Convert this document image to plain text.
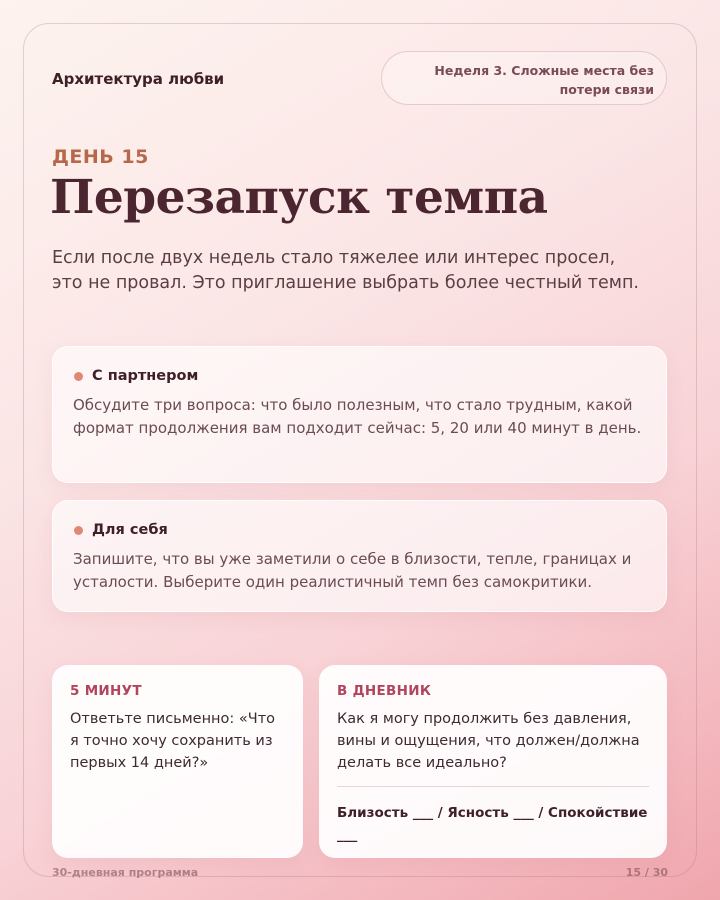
Архитектура любви	Неделя 3. Сложные места без потери связи
ДЕНЬ 15
Перезапуск темпа

Если после двух недель стало тяжелее или интерес просел, это не провал. Это приглашение выбрать более честный темп.

С партнером

Обсудите три вопроса: что было полезным, что стало трудным, какой формат продолжения вам подходит сейчас: 5, 20 или 40 минут в день.

Для себя

Запишите, что вы уже заметили о себе в близости, тепле, границах и усталости. Выберите один реалистичный темп без самокритики.

5 МИНУТ

Ответьте письменно: «Что я точно хочу сохранить из первых 14 дней?»

В ДНЕВНИК

Как я могу продолжить без давления, вины и ощущения, что должен/должна делать все идеально?

Близость ___ / Ясность ___ / Спокойствие ___

30-дневная программа	15 / 30
